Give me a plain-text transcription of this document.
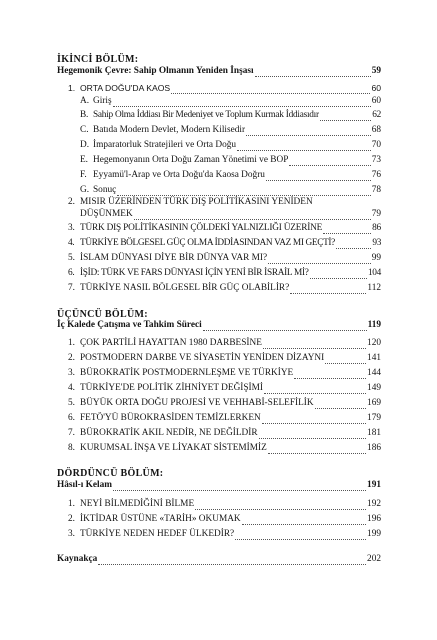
İKİNCİ BÖLÜM:
Hegemonik Çevre: Sahip Olmanın Yeniden İnşası	59
1. ORTA DOĞU'DA KAOS	60
A. Giriş	60
B. Sahip Olma İddiası Bir Medeniyet ve Toplum Kurmak İddiasıdır	62
C. Batıda Modern Devlet, Modern Kilisedir	68
D. İmparatorluk Stratejileri ve Orta Doğu	70
E. Hegemonyanın Orta Doğu Zaman Yönetimi ve BOP	73
F. Eyyamü'l-Arap ve Orta Doğu'da Kaosa Doğru	76
G. Sonuç	78
2. MISIR ÜZERİNDEN TÜRK DIŞ POLİTİKASINI YENİDEN
DÜŞÜNMEK	79
3. TÜRK DIŞ POLİTİKASININ ÇÖLDEKİ YALNIZLIĞI ÜZERİNE	86
4. TÜRKİYE BÖLGESEL GÜÇ OLMA İDDİASINDAN VAZ MI GEÇTİ?	93
5. İSLAM DÜNYASI DİYE BİR DÜNYA VAR MI?	99
6. İŞİD: TÜRK VE FARS DÜNYASI İÇİN YENİ BİR İSRAİL Mİ?	104
7. TÜRKİYE NASIL BÖLGESEL BİR GÜÇ OLABİLİR?	112
ÜÇÜNCÜ BÖLÜM:
İç Kalede Çatışma ve Tahkim Süreci	119
1. ÇOK PARTİLİ HAYATTAN 1980 DARBESİNE	120
2. POSTMODERN DARBE VE SİYASETİN YENİDEN DİZAYNI	141
3. BÜROKRATİK POSTMODERNLEŞME VE TÜRKİYE	144
4. TÜRKİYE'DE POLİTİK ZİHNİYET DEĞİŞİMİ	149
5. BÜYÜK ORTA DOĞU PROJESİ VE VEHHABİ-SELEFİLİK	169
6. FETÖ'YÜ BÜROKRASİDEN TEMİZLERKEN	179
7. BÜROKRATİK AKIL NEDİR, NE DEĞİLDİR	181
8. KURUMSAL İNŞA VE LİYAKAT SİSTEMİMİZ	186
DÖRDÜNCÜ BÖLÜM:
Hâsıl-ı Kelam	191
1. NEYİ BİLMEDİĞİNİ BİLME	192
2. İKTİDAR ÜSTÜNE «TARİH» OKUMAK	196
3. TÜRKİYE NEDEN HEDEF ÜLKEDİR?	199
Kaynakça	202
